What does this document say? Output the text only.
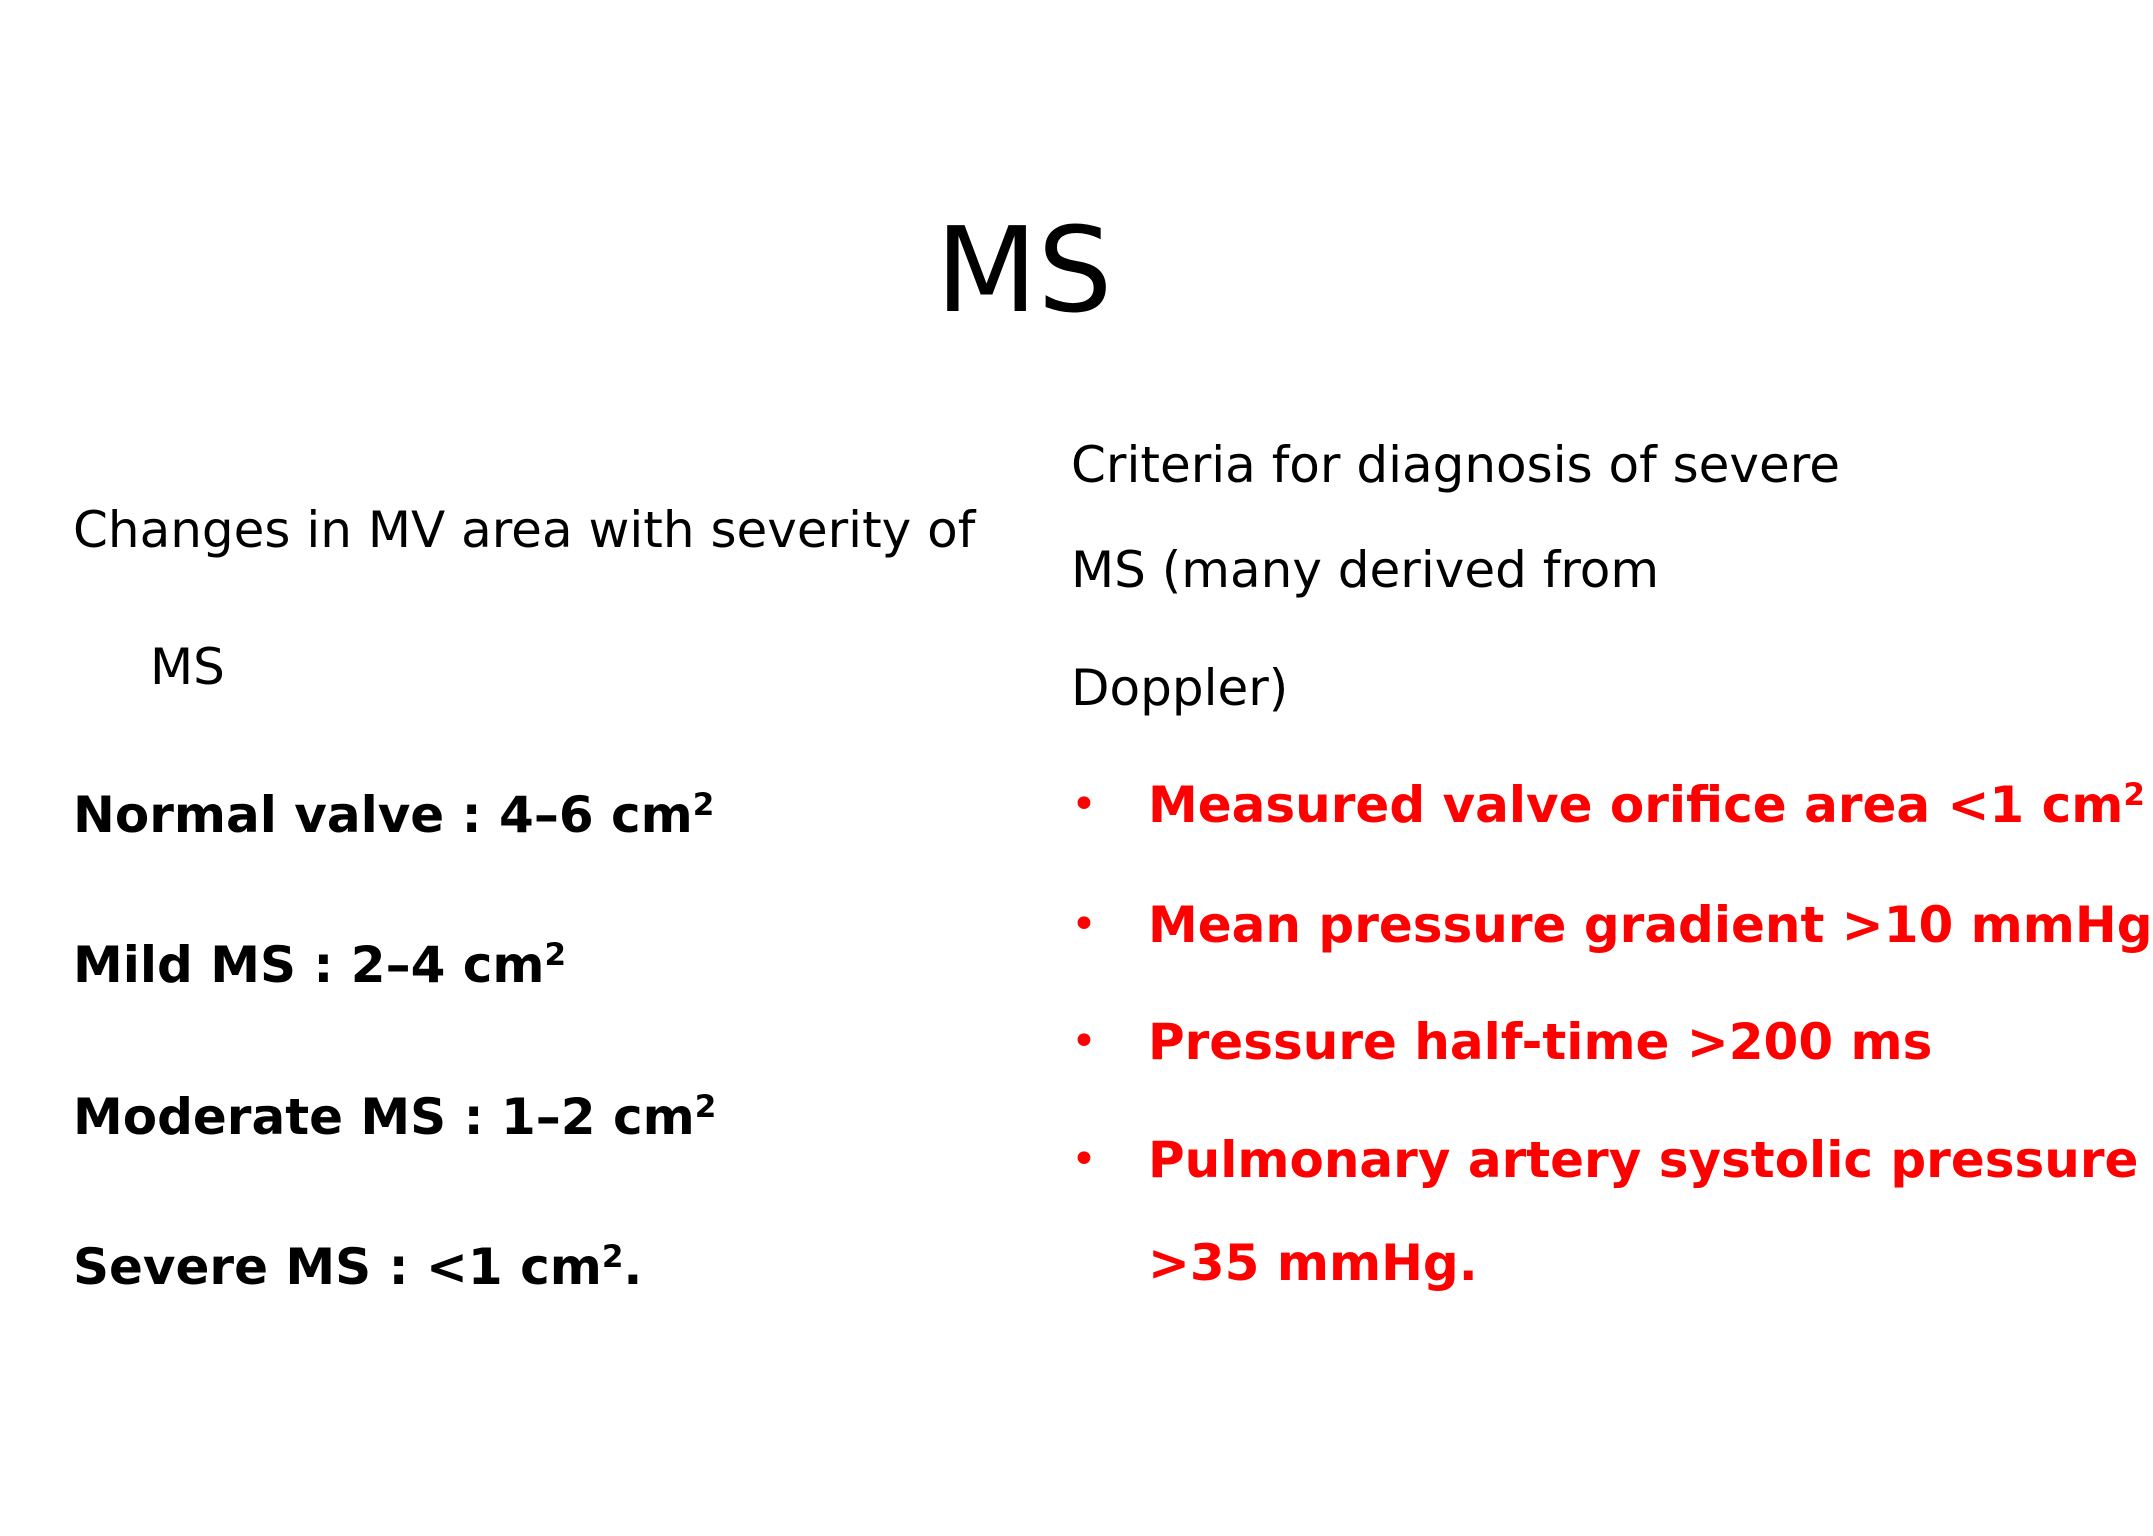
MS
Changes in MV area with severity of
MS
Normal valve : 4–6 $cm^2$
Mild MS : 2–4 $cm^2$
Moderate MS : 1–2 $cm^2$
Severe MS : <1 $cm^2$.
Criteria for diagnosis of severe
MS (many derived from
Doppler)
• Measured valve orifice area <1 $cm^2$
• Mean pressure gradient >10 mmHg
• Pressure half-time >200 ms
• Pulmonary artery systolic pressure
>35 mmHg.
